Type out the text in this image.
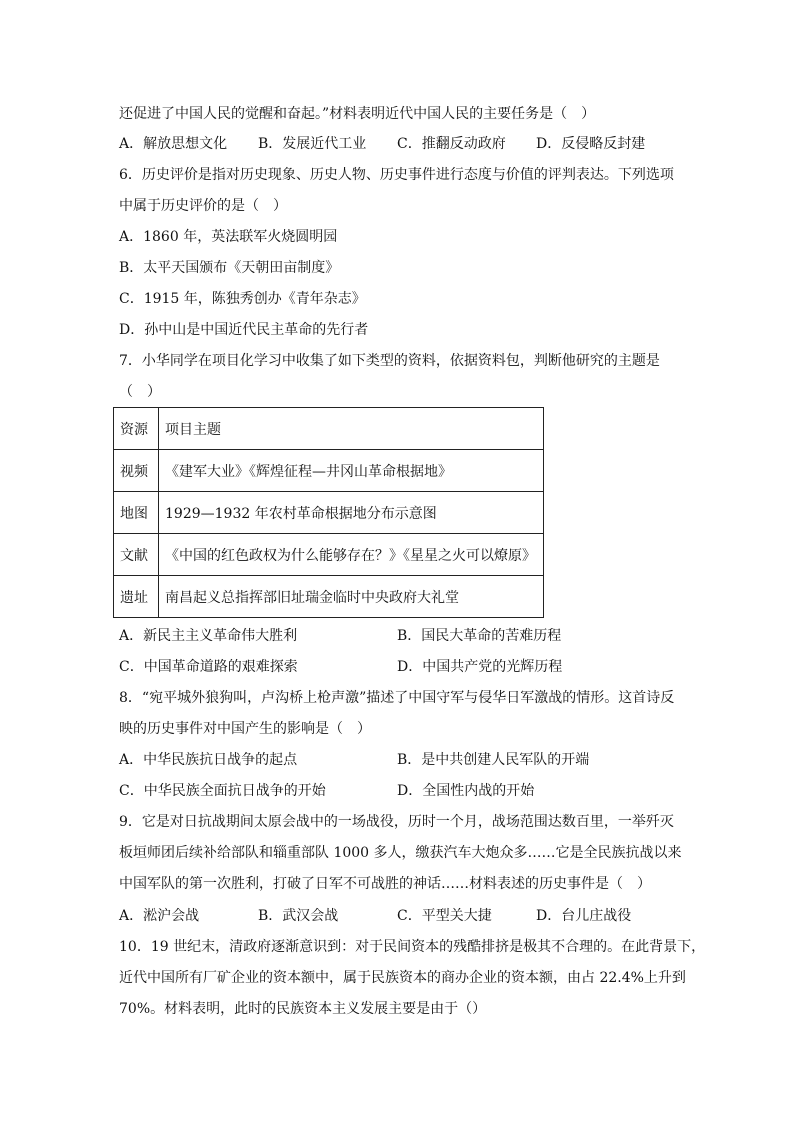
还促进了中国人民的觉醒和奋起。”材料表明近代中国人民的主要任务是（　）
A．解放思想文化 B．发展近代工业 C．推翻反动政府 D．反侵略反封建
6．历史评价是指对历史现象、历史人物、历史事件进行态度与价值的评判表达。下列选项
中属于历史评价的是（　）
A．1860 年，英法联军火烧圆明园
B．太平天国颁布《天朝田亩制度》
C．1915 年，陈独秀创办《青年杂志》
D．孙中山是中国近代民主革命的先行者
7．小华同学在项目化学习中收集了如下类型的资料，依据资料包，判断他研究的主题是
（　）
资源	项目主题
视频	《建军大业》《辉煌征程—井冈山革命根据地》
地图	1929—1932 年农村革命根据地分布示意图
文献	《中国的红色政权为什么能够存在？》《星星之火可以燎原》
遗址	南昌起义总指挥部旧址瑞金临时中央政府大礼堂
A．新民主主义革命伟大胜利	B．国民大革命的苦难历程
C．中国革命道路的艰难探索	D．中国共产党的光辉历程
8．“宛平城外狼狗叫，卢沟桥上枪声激”描述了中国守军与侵华日军激战的情形。这首诗反
映的历史事件对中国产生的影响是（　）
A．中华民族抗日战争的起点	B．是中共创建人民军队的开端
C．中华民族全面抗日战争的开始	D．全国性内战的开始
9．它是对日抗战期间太原会战中的一场战役，历时一个月，战场范围达数百里，一举歼灭
板垣师团后续补给部队和辎重部队 1000 多人，缴获汽车大炮众多……它是全民族抗战以来
中国军队的第一次胜利，打破了日军不可战胜的神话……材料表述的历史事件是（　）
A．淞沪会战	B．武汉会战	C．平型关大捷	D．台儿庄战役
10．19 世纪末，清政府逐渐意识到：对于民间资本的残酷排挤是极其不合理的。在此背景下，
近代中国所有厂矿企业的资本额中，属于民族资本的商办企业的资本额，由占 22.4%上升到
70%。材料表明，此时的民族资本主义发展主要是由于（）
